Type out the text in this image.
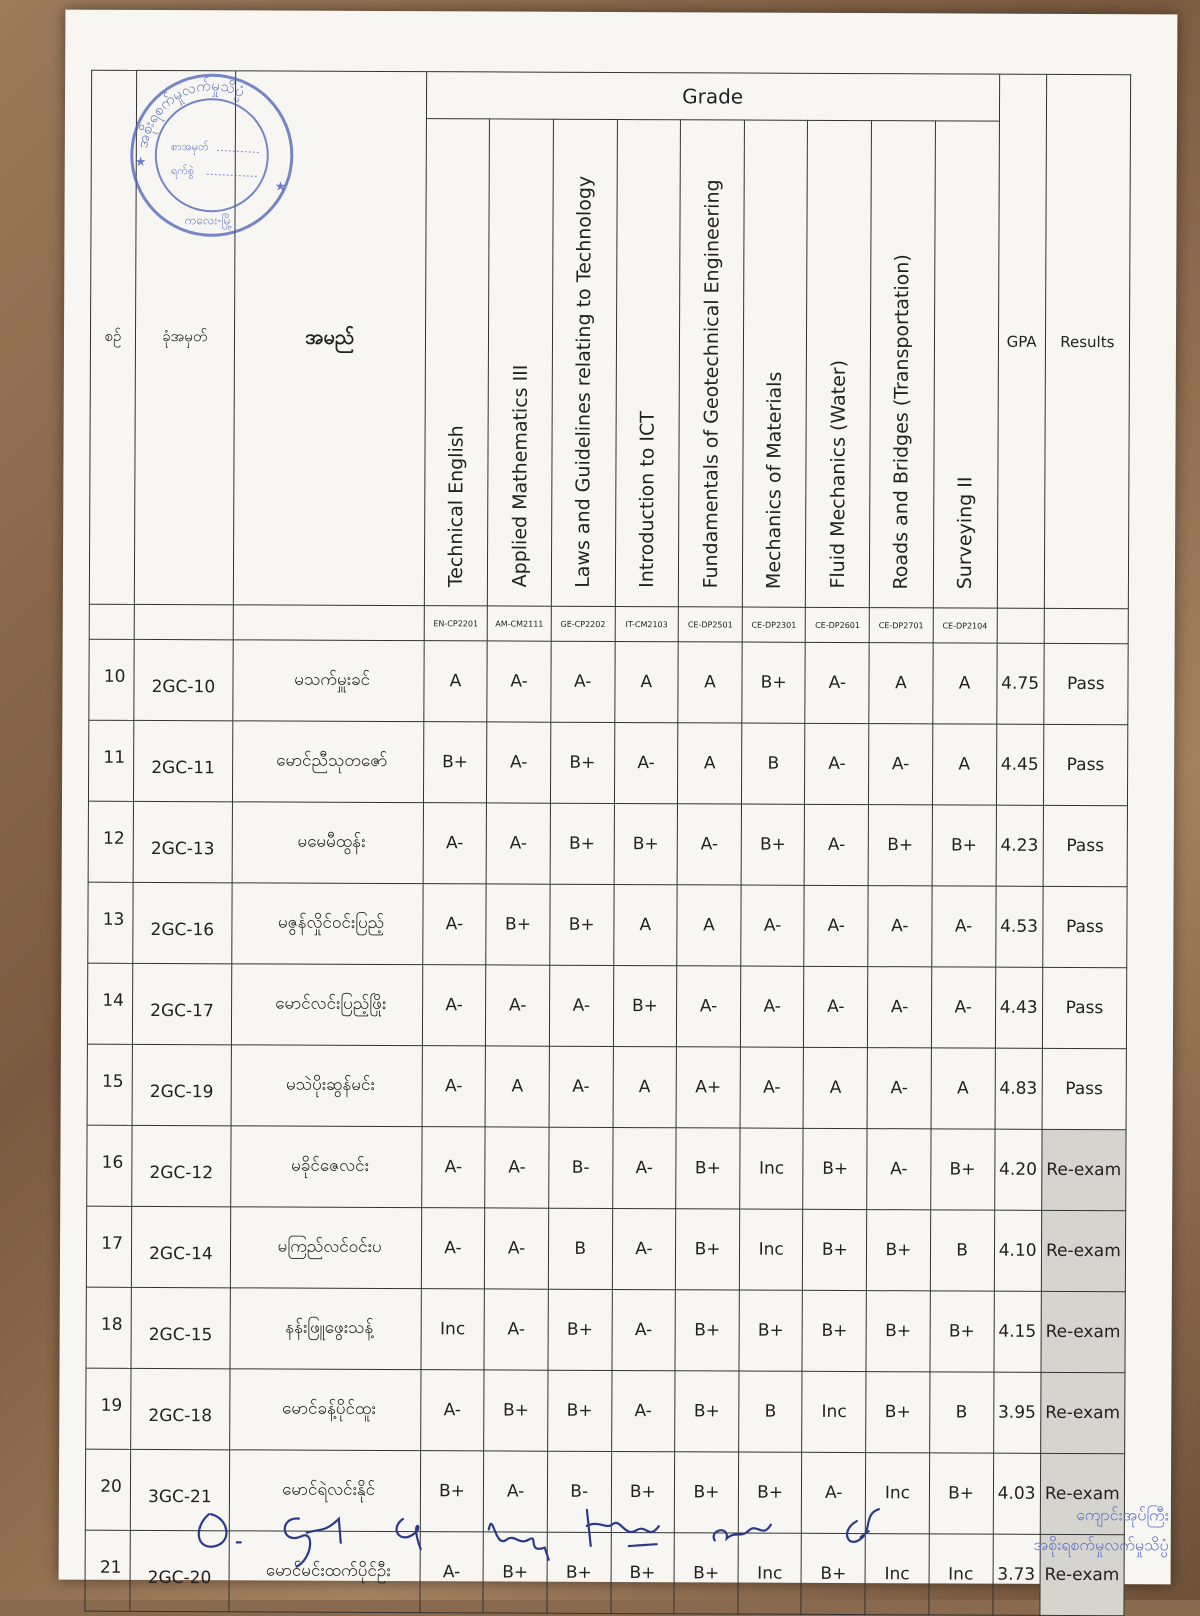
စဉ်	ခုံအမှတ်	အမည်	Grade									GPA	Results
			Technical English	Applied Mathematics III	Laws and Guidelines relating to Technology	Introduction to ICT	Fundamentals of Geotechnical Engineering	Mechanics of Materials	Fluid Mechanics (Water)	Roads and Bridges (Transportation)	Surveying II		
			EN-CP2201	AM-CM2111	GE-CP2202	IT-CM2103	CE-DP2501	CE-DP2301	CE-DP2601	CE-DP2701	CE-DP2104		
10	2GC-10	မသက်မှူးခင်	A	A-	A-	A	A	B+	A-	A	A	4.75	Pass
11	2GC-11	မောင်ညီသုတဇော်	B+	A-	B+	A-	A	B	A-	A-	A	4.45	Pass
12	2GC-13	မမေမီထွန်း	A-	A-	B+	B+	A-	B+	A-	B+	B+	4.23	Pass
13	2GC-16	မဇွန်လှိုင်ဝင်းပြည့်	A-	B+	B+	A	A	A-	A-	A-	A-	4.53	Pass
14	2GC-17	မောင်လင်းပြည့်ဖြိုး	A-	A-	A-	B+	A-	A-	A-	A-	A-	4.43	Pass
15	2GC-19	မသဲပိုးဆွန်မင်း	A-	A	A-	A	A+	A-	A	A-	A	4.83	Pass
16	2GC-12	မခိုင်ဇေလင်း	A-	A-	B-	A-	B+	Inc	B+	A-	B+	4.20	Re-exam
17	2GC-14	မကြည်လင်ဝင်းပ	A-	A-	B	A-	B+	Inc	B+	B+	B	4.10	Re-exam
18	2GC-15	နန်းဖြူဖွေးသန့်	Inc	A-	B+	A-	B+	B+	B+	B+	B+	4.15	Re-exam
19	2GC-18	မောင်ခန့်ပိုင်ထူး	A-	B+	B+	A-	B+	B	Inc	B+	B	3.95	Re-exam
20	3GC-21	မောင်ရဲလင်းနိုင်	B+	A-	B-	B+	B+	B+	A-	Inc	B+	4.03	Re-exam
21	2GC-20	မောင်မင်းထက်ပိုင်ဦး	A-	B+	B+	B+	B+	Inc	B+	Inc	Inc	3.73	Re-exam
အစိုးရစက်မှုလက်မှုသိပ္ပံ
စာအမှတ်
ရက်စွဲ
ကလေး-မြို့
★
★
ကျောင်းအုပ်ကြီး
အစိုးရစက်မှုလက်မှုသိပ္ပံ
